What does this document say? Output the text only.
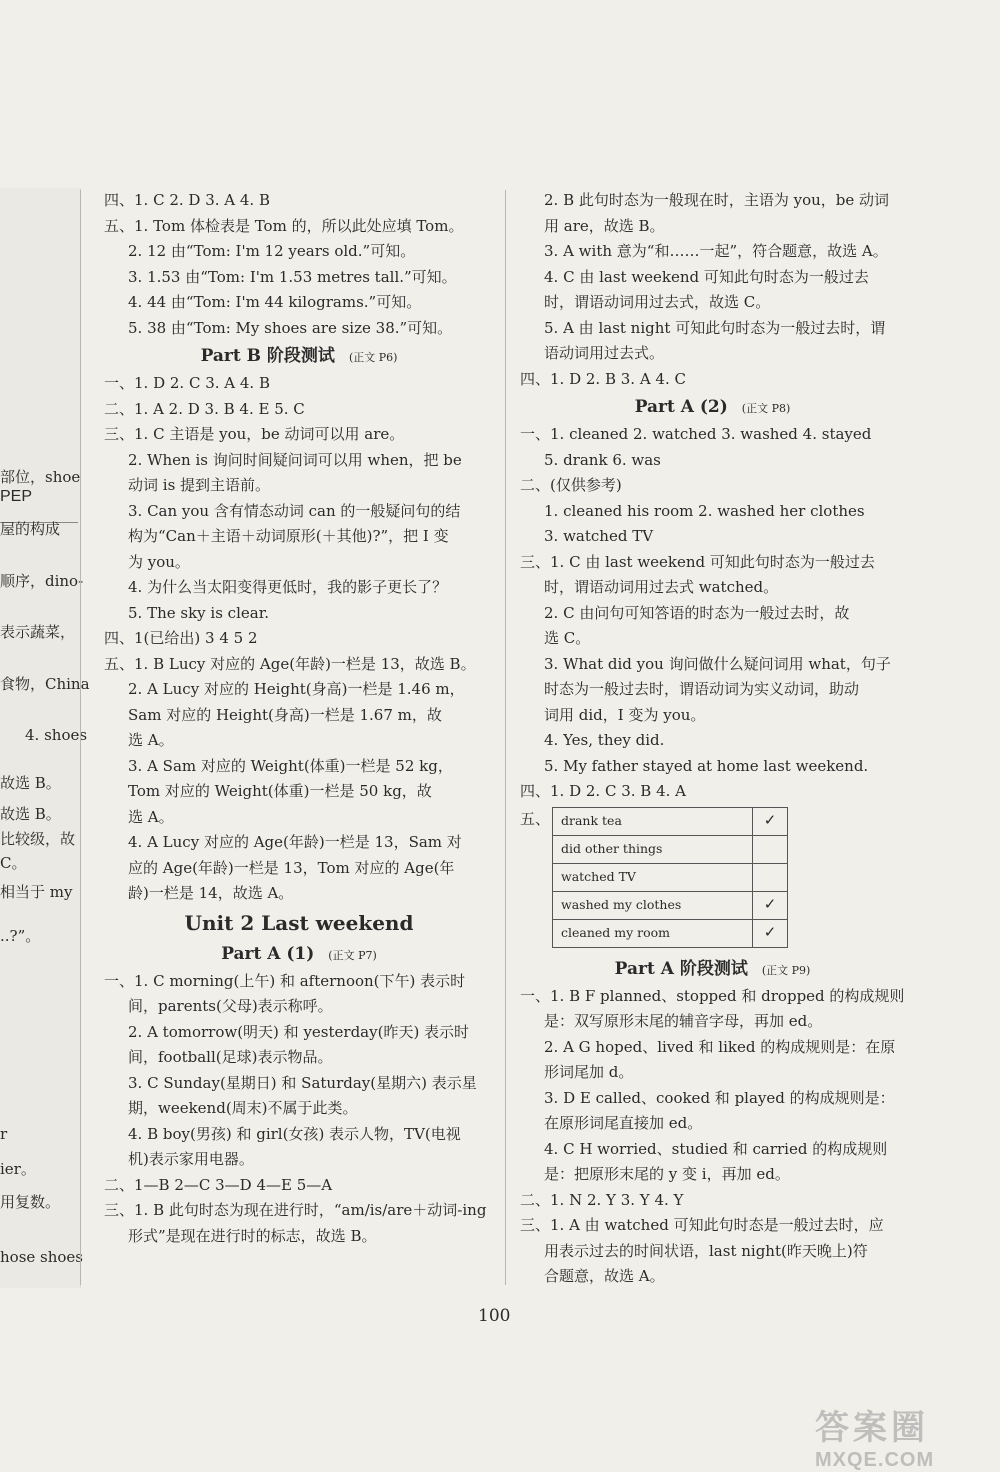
PEP
部位，shoe
屋的构成
顺序，dino-
表示蔬菜，
食物，China
4. shoes
故选 B。
故选 B。
比较级，故
C。
相当于 my
..?”。
r
ier。
用复数。
hose shoes
四、1. C 2. D 3. A 4. B
五、1. Tom 体检表是 Tom 的，所以此处应填 Tom。
2. 12 由“Tom: I'm 12 years old.”可知。
3. 1.53 由“Tom: I'm 1.53 metres tall.”可知。
4. 44 由“Tom: I'm 44 kilograms.”可知。
5. 38 由“Tom: My shoes are size 38.”可知。
Part B 阶段测试 (正文 P6)
一、1. D 2. C 3. A 4. B
二、1. A 2. D 3. B 4. E 5. C
三、1. C 主语是 you，be 动词可以用 are。
2. When is 询问时间疑问词可以用 when，把 be
动词 is 提到主语前。
3. Can you 含有情态动词 can 的一般疑问句的结
构为“Can＋主语＋动词原形(＋其他)?”，把 I 变
为 you。
4. 为什么当太阳变得更低时，我的影子更长了？
5. The sky is clear.
四、1(已给出) 3 4 5 2
五、1. B Lucy 对应的 Age(年龄)一栏是 13，故选 B。
2. A Lucy 对应的 Height(身高)一栏是 1.46 m，
Sam 对应的 Height(身高)一栏是 1.67 m，故
选 A。
3. A Sam 对应的 Weight(体重)一栏是 52 kg，
Tom 对应的 Weight(体重)一栏是 50 kg，故
选 A。
4. A Lucy 对应的 Age(年龄)一栏是 13，Sam 对
应的 Age(年龄)一栏是 13，Tom 对应的 Age(年
龄)一栏是 14，故选 A。
Unit 2 Last weekend
Part A (1) (正文 P7)
一、1. C morning(上午) 和 afternoon(下午) 表示时
间，parents(父母)表示称呼。
2. A tomorrow(明天) 和 yesterday(昨天) 表示时
间，football(足球)表示物品。
3. C Sunday(星期日) 和 Saturday(星期六) 表示星
期，weekend(周末)不属于此类。
4. B boy(男孩) 和 girl(女孩) 表示人物，TV(电视
机)表示家用电器。
二、1—B 2—C 3—D 4—E 5—A
三、1. B 此句时态为现在进行时，“am/is/are＋动词-ing
形式”是现在进行时的标志，故选 B。
2. B 此句时态为一般现在时，主语为 you，be 动词
用 are，故选 B。
3. A with 意为“和……一起”，符合题意，故选 A。
4. C 由 last weekend 可知此句时态为一般过去
时，谓语动词用过去式，故选 C。
5. A 由 last night 可知此句时态为一般过去时，谓
语动词用过去式。
四、1. D 2. B 3. A 4. C
Part A (2) (正文 P8)
一、1. cleaned 2. watched 3. washed 4. stayed
5. drank 6. was
二、(仅供参考)
1. cleaned his room 2. washed her clothes
3. watched TV
三、1. C 由 last weekend 可知此句时态为一般过去
时，谓语动词用过去式 watched。
2. C 由问句可知答语的时态为一般过去时，故
选 C。
3. What did you 询问做什么疑问词用 what，句子
时态为一般过去时，谓语动词为实义动词，助动
词用 did，I 变为 you。
4. Yes, they did.
5. My father stayed at home last weekend.
四、1. D 2. C 3. B 4. A
五、 drank tea	✓
did other things	
watched TV	
washed my clothes	✓
cleaned my room	✓
Part A 阶段测试 (正文 P9)
一、1. B F planned、stopped 和 dropped 的构成规则
是：双写原形末尾的辅音字母，再加 ed。
2. A G hoped、lived 和 liked 的构成规则是：在原
形词尾加 d。
3. D E called、cooked 和 played 的构成规则是：
在原形词尾直接加 ed。
4. C H worried、studied 和 carried 的构成规则
是：把原形末尾的 y 变 i，再加 ed。
二、1. N 2. Y 3. Y 4. Y
三、1. A 由 watched 可知此句时态是一般过去时，应
用表示过去的时间状语，last night(昨天晚上)符
合题意，故选 A。
100
答案圈
MXQE.COM
